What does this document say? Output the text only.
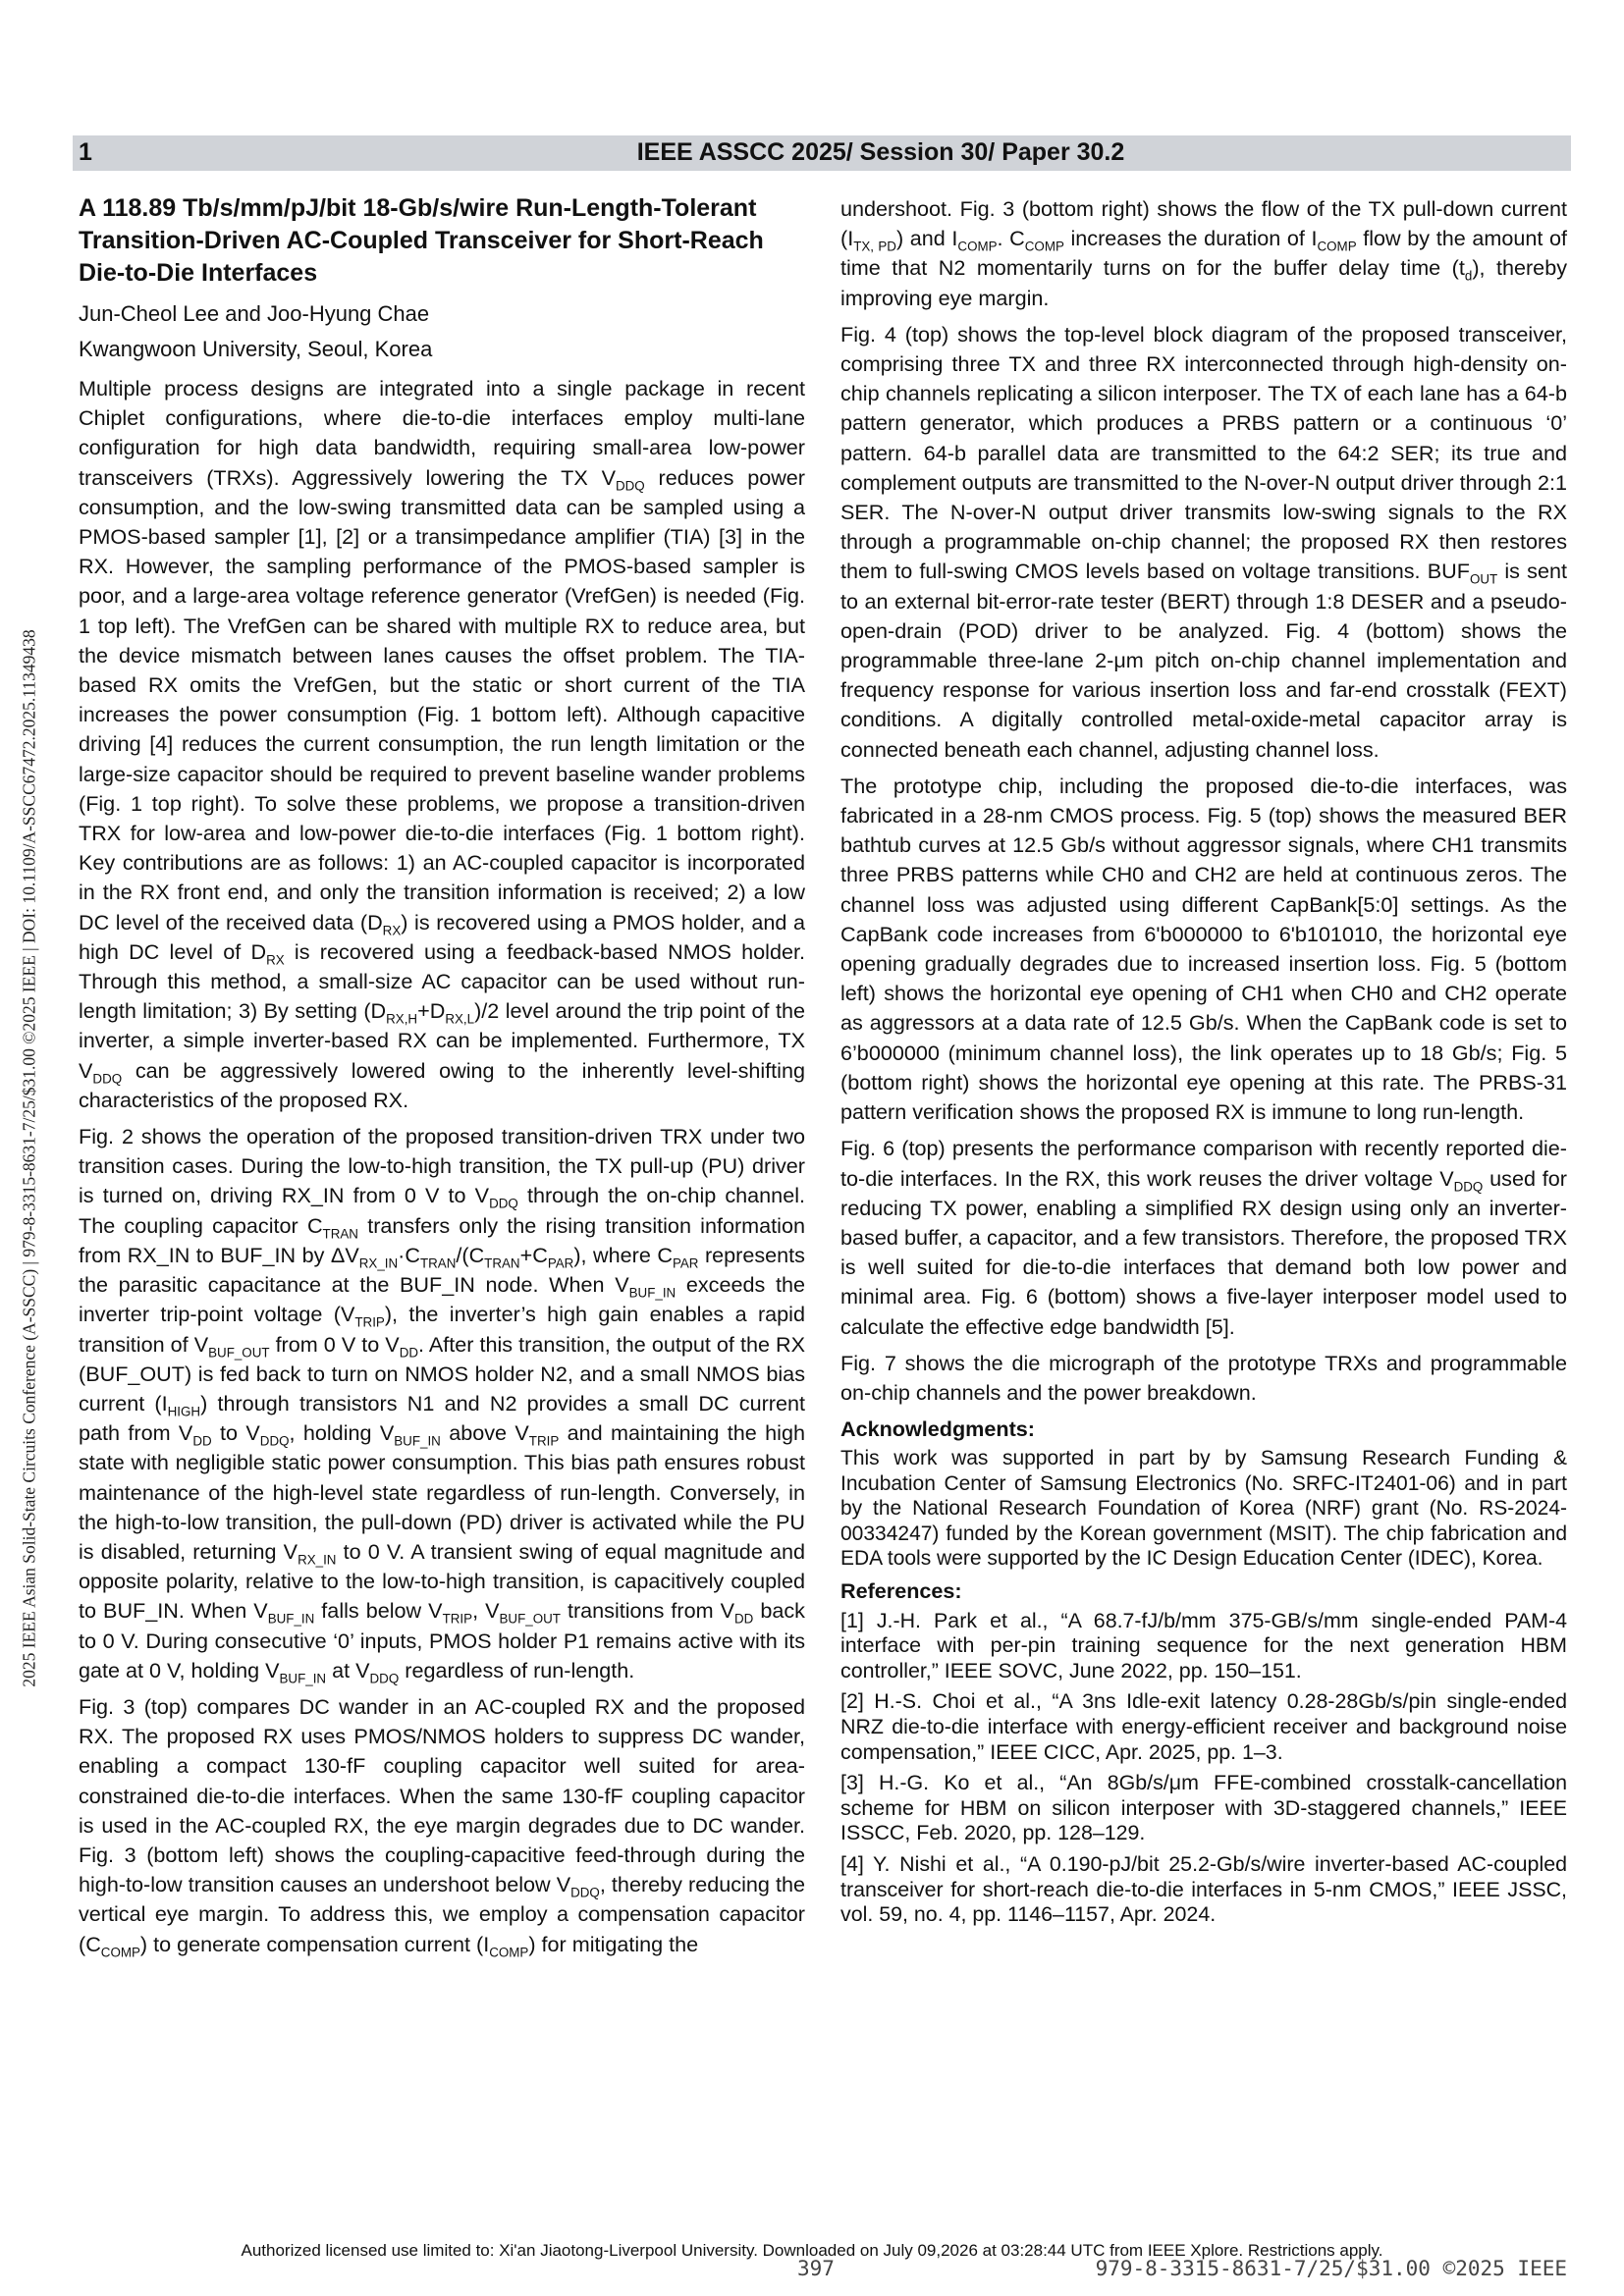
1	IEEE ASSCC 2025/ Session 30/ Paper 30.2
2025 IEEE Asian Solid-State Circuits Conference (A-SSCC) | 979-8-3315-8631-7/25/$31.00 ©2025 IEEE | DOI: 10.1109/A-SSCC67472.2025.11349438
A 118.89 Tb/s/mm/pJ/bit 18-Gb/s/wire Run-Length-Tolerant Transition-Driven AC-Coupled Transceiver for Short-Reach Die-to-Die Interfaces
Jun-Cheol Lee and Joo-Hyung Chae
Kwangwoon University, Seoul, Korea

Multiple process designs are integrated into a single package in recent Chiplet configurations, where die-to-die interfaces employ multi-lane configuration for high data bandwidth, requiring small-area low-power transceivers (TRXs). Aggressively lowering the TX $V_{DDQ}$ reduces power consumption, and the low-swing transmitted data can be sampled using a PMOS-based sampler [1], [2] or a transimpedance amplifier (TIA) [3] in the RX. However, the sampling performance of the PMOS-based sampler is poor, and a large-area voltage reference generator (VrefGen) is needed (Fig. 1 top left). The VrefGen can be shared with multiple RX to reduce area, but the device mismatch between lanes causes the offset problem. The TIA-based RX omits the VrefGen, but the static or short current of the TIA increases the power consumption (Fig. 1 bottom left). Although capacitive driving [4] reduces the current consumption, the run length limitation or the large-size capacitor should be required to prevent baseline wander problems (Fig. 1 top right). To solve these problems, we propose a transition-driven TRX for low-area and low-power die-to-die interfaces (Fig. 1 bottom right). Key contributions are as follows: 1) an AC-coupled capacitor is incorporated in the RX front end, and only the transition information is received; 2) a low DC level of the received data $(D_{RX})$ is recovered using a PMOS holder, and a high DC level of $D_{RX}$ is recovered using a feedback-based NMOS holder. Through this method, a small-size AC capacitor can be used without run-length limitation; 3) By setting $(D_{RX,H}+D_{RX,L})/2$ level around the trip point of the inverter, a simple inverter-based RX can be implemented. Furthermore, TX $V_{DDQ}$ can be aggressively lowered owing to the inherently level-shifting characteristics of the proposed RX.

Fig. 2 shows the operation of the proposed transition-driven TRX under two transition cases. During the low-to-high transition, the TX pull-up (PU) driver is turned on, driving RX_IN from 0 V to $V_{DDQ}$ through the on-chip channel. The coupling capacitor $C_{TRAN}$ transfers only the rising transition information from RX_IN to BUF_IN by $\Delta V_{RX\_IN}\cdot C_{TRAN}/(C_{TRAN}+C_{PAR})$, where $C_{PAR}$ represents the parasitic capacitance at the BUF_IN node. When $V_{BUF\_IN}$ exceeds the inverter trip-point voltage $(V_{TRIP})$, the inverter’s high gain enables a rapid transition of $V_{BUF\_OUT}$ from 0 V to $V_{DD}$. After this transition, the output of the RX (BUF_OUT) is fed back to turn on NMOS holder N2, and a small NMOS bias current $(I_{HIGH})$ through transistors N1 and N2 provides a small DC current path from $V_{DD}$ to $V_{DDQ}$, holding $V_{BUF\_IN}$ above $V_{TRIP}$ and maintaining the high state with negligible static power consumption. This bias path ensures robust maintenance of the high-level state regardless of run-length. Conversely, in the high-to-low transition, the pull-down (PD) driver is activated while the PU is disabled, returning $V_{RX\_IN}$ to 0 V. A transient swing of equal magnitude and opposite polarity, relative to the low-to-high transition, is capacitively coupled to BUF_IN. When $V_{BUF\_IN}$ falls below $V_{TRIP}$, $V_{BUF\_OUT}$ transitions from $V_{DD}$ back to 0 V. During consecutive ‘0’ inputs, PMOS holder P1 remains active with its gate at 0 V, holding $V_{BUF\_IN}$ at $V_{DDQ}$ regardless of run-length.

Fig. 3 (top) compares DC wander in an AC-coupled RX and the proposed RX. The proposed RX uses PMOS/NMOS holders to suppress DC wander, enabling a compact 130-fF coupling capacitor well suited for area-constrained die-to-die interfaces. When the same 130-fF coupling capacitor is used in the AC-coupled RX, the eye margin degrades due to DC wander. Fig. 3 (bottom left) shows the coupling-capacitive feed-through during the high-to-low transition causes an undershoot below $V_{DDQ}$, thereby reducing the vertical eye margin. To address this, we employ a compensation capacitor $(C_{COMP})$ to generate compensation current $(I_{COMP})$ for mitigating the

undershoot. Fig. 3 (bottom right) shows the flow of the TX pull-down current $(I_{TX, PD})$ and $I_{COMP}$. $C_{COMP}$ increases the duration of $I_{COMP}$ flow by the amount of time that N2 momentarily turns on for the buffer delay time $(t_d)$, thereby improving eye margin.

Fig. 4 (top) shows the top-level block diagram of the proposed transceiver, comprising three TX and three RX interconnected through high-density on-chip channels replicating a silicon interposer. The TX of each lane has a 64-b pattern generator, which produces a PRBS pattern or a continuous ‘0’ pattern. 64-b parallel data are transmitted to the 64:2 SER; its true and complement outputs are transmitted to the N-over-N output driver through 2:1 SER. The N-over-N output driver transmits low-swing signals to the RX through a programmable on-chip channel; the proposed RX then restores them to full-swing CMOS levels based on voltage transitions. $BUF_{OUT}$ is sent to an external bit-error-rate tester (BERT) through 1:8 DESER and a pseudo-open-drain (POD) driver to be analyzed. Fig. 4 (bottom) shows the programmable three-lane 2-μm pitch on-chip channel implementation and frequency response for various insertion loss and far-end crosstalk (FEXT) conditions. A digitally controlled metal-oxide-metal capacitor array is connected beneath each channel, adjusting channel loss.

The prototype chip, including the proposed die-to-die interfaces, was fabricated in a 28-nm CMOS process. Fig. 5 (top) shows the measured BER bathtub curves at 12.5 Gb/s without aggressor signals, where CH1 transmits three PRBS patterns while CH0 and CH2 are held at continuous zeros. The channel loss was adjusted using different CapBank[5:0] settings. As the CapBank code increases from 6'b000000 to 6'b101010, the horizontal eye opening gradually degrades due to increased insertion loss. Fig. 5 (bottom left) shows the horizontal eye opening of CH1 when CH0 and CH2 operate as aggressors at a data rate of 12.5 Gb/s. When the CapBank code is set to 6’b000000 (minimum channel loss), the link operates up to 18 Gb/s; Fig. 5 (bottom right) shows the horizontal eye opening at this rate. The PRBS-31 pattern verification shows the proposed RX is immune to long run-length.

Fig. 6 (top) presents the performance comparison with recently reported die-to-die interfaces. In the RX, this work reuses the driver voltage $V_{DDQ}$ used for reducing TX power, enabling a simplified RX design using only an inverter-based buffer, a capacitor, and a few transistors. Therefore, the proposed TRX is well suited for die-to-die interfaces that demand both low power and minimal area. Fig. 6 (bottom) shows a five-layer interposer model used to calculate the effective edge bandwidth [5].

Fig. 7 shows the die micrograph of the prototype TRXs and programmable on-chip channels and the power breakdown.

Acknowledgments:
This work was supported in part by by Samsung Research Funding & Incubation Center of Samsung Electronics (No. SRFC-IT2401-06) and in part by the National Research Foundation of Korea (NRF) grant (No. RS-2024-00334247) funded by the Korean government (MSIT). The chip fabrication and EDA tools were supported by the IC Design Education Center (IDEC), Korea.
References:
[1] J.-H. Park et al., “A 68.7-fJ/b/mm 375-GB/s/mm single-ended PAM-4 interface with per-pin training sequence for the next generation HBM controller,” IEEE SOVC, June 2022, pp. 150–151.
[2] H.-S. Choi et al., “A 3ns Idle-exit latency 0.28-28Gb/s/pin single-ended NRZ die-to-die interface with energy-efficient receiver and background noise compensation,” IEEE CICC, Apr. 2025, pp. 1–3.
[3] H.-G. Ko et al., “An 8Gb/s/μm FFE-combined crosstalk-cancellation scheme for HBM on silicon interposer with 3D-staggered channels,” IEEE ISSCC, Feb. 2020, pp. 128–129.
[4] Y. Nishi et al., “A 0.190-pJ/bit 25.2-Gb/s/wire inverter-based AC-coupled transceiver for short-reach die-to-die interfaces in 5-nm CMOS,” IEEE JSSC, vol. 59, no. 4, pp. 1146–1157, Apr. 2024.
Authorized licensed use limited to: Xi'an Jiaotong-Liverpool University. Downloaded on July 09,2026 at 03:28:44 UTC from IEEE Xplore. Restrictions apply.
397	979-8-3315-8631-7/25/$31.00 ©2025 IEEE
